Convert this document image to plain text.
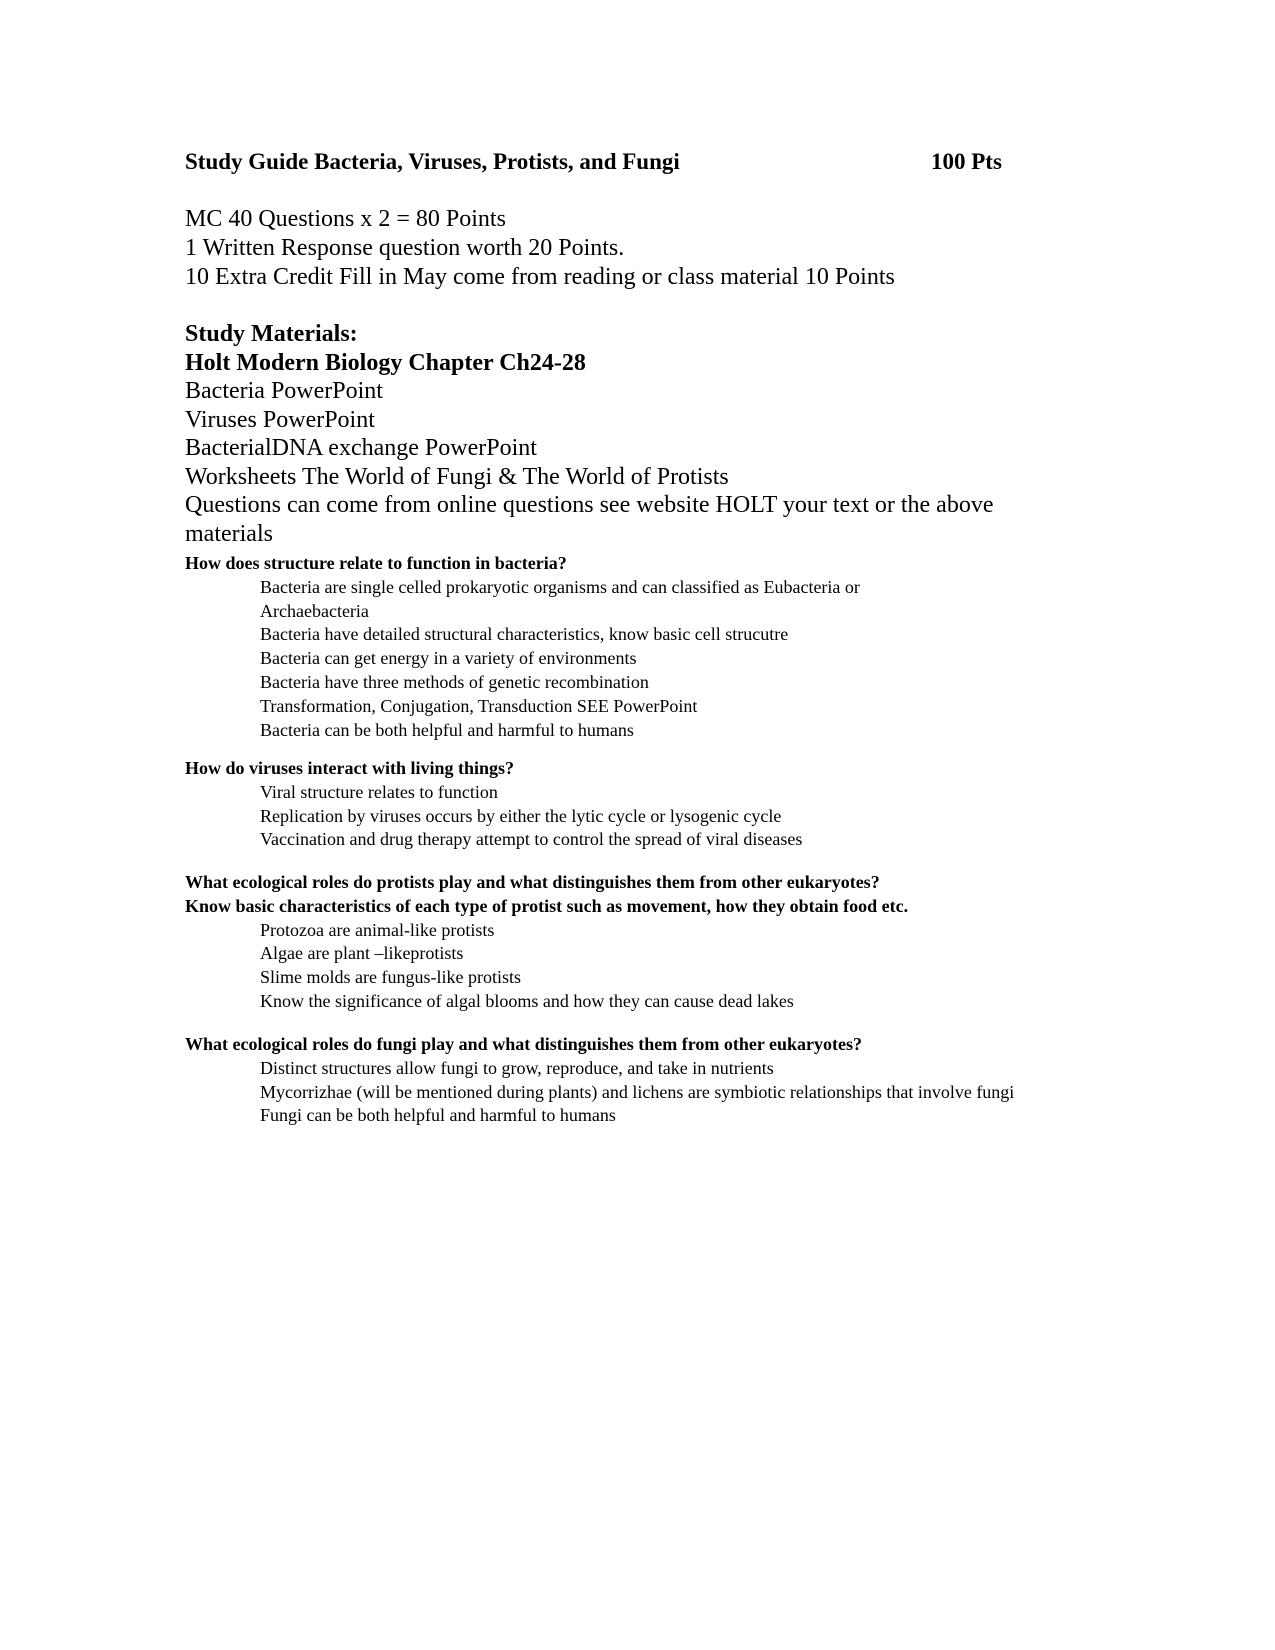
Study Guide Bacteria, Viruses, Protists, and Fungi	100 Pts
MC 40 Questions x 2 = 80 Points
1 Written Response question worth 20 Points.
10 Extra Credit Fill in May come from reading or class material 10 Points
Study Materials:
Holt Modern Biology Chapter Ch24-28
Bacteria PowerPoint
Viruses PowerPoint
BacterialDNA exchange PowerPoint
Worksheets The World of Fungi & The World of Protists
Questions can come from online questions see website HOLT your text or the above materials
How does structure relate to function in bacteria?
Bacteria are single celled prokaryotic organisms and can classified as Eubacteria or Archaebacteria
Bacteria have detailed structural characteristics, know basic cell strucutre
Bacteria can get energy in a variety of environments
Bacteria have three methods of genetic recombination
Transformation, Conjugation, Transduction SEE PowerPoint
Bacteria can be both helpful and harmful to humans
How do viruses interact with living things?
Viral structure relates to function
Replication by viruses occurs by either the lytic cycle or lysogenic cycle
Vaccination and drug therapy attempt to control the spread of viral diseases
What ecological roles do protists play and what distinguishes them from other eukaryotes?
Know basic characteristics of each type of protist such as movement, how they obtain food etc.
Protozoa are animal-like protists
Algae are plant –likeprotists
Slime molds are fungus-like protists
Know the significance of algal blooms and how they can cause dead lakes
What ecological roles do fungi play and what distinguishes them from other eukaryotes?
Distinct structures allow fungi to grow, reproduce, and take in nutrients
Mycorrizhae (will be mentioned during plants) and lichens are symbiotic relationships that involve fungi
Fungi can be both helpful and harmful to humans
